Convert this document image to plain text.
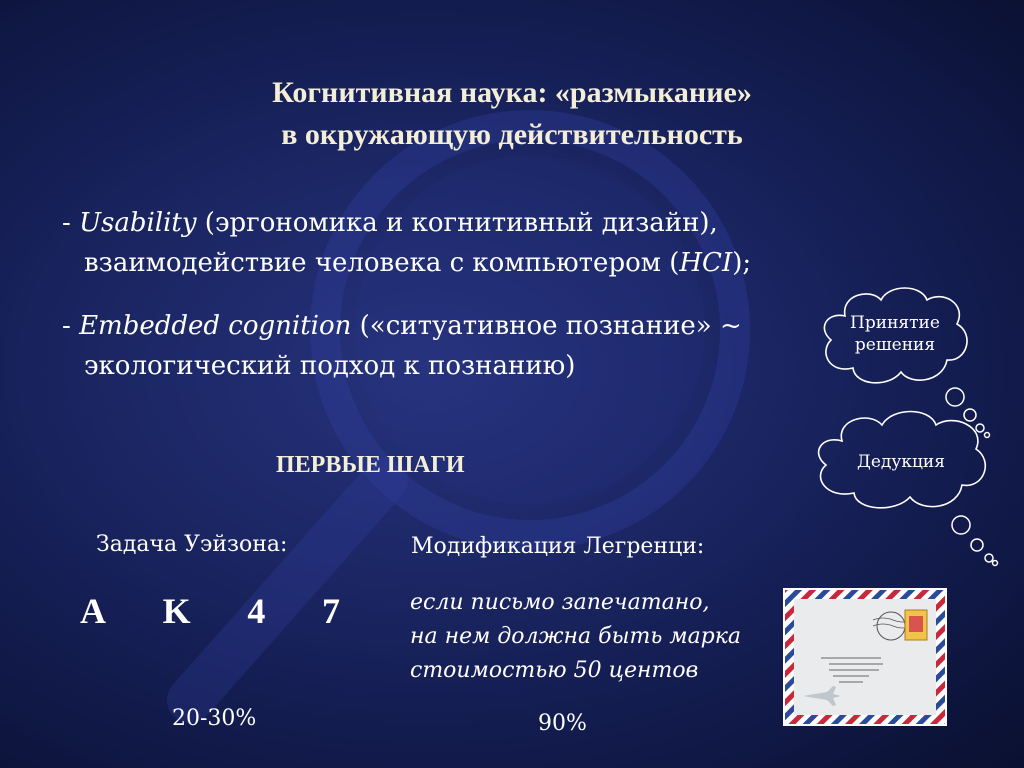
Когнитивная наука: «размыкание»
в окружающую действительность
- Usability (эргономика и когнитивный дизайн),
взаимодействие человека с компьютером (HCI);
- Embedded cognition («ситуативное познание» ~
экологический подход к познанию)
Принятие
решения
Дедукция
ПЕРВЫЕ ШАГИ
Задача Уэйзона:	Модификация Легренци:
A K 4 7	если письмо запечатано,
на нем должна быть марка
стоимостью 50 центов
20-30%	90%
